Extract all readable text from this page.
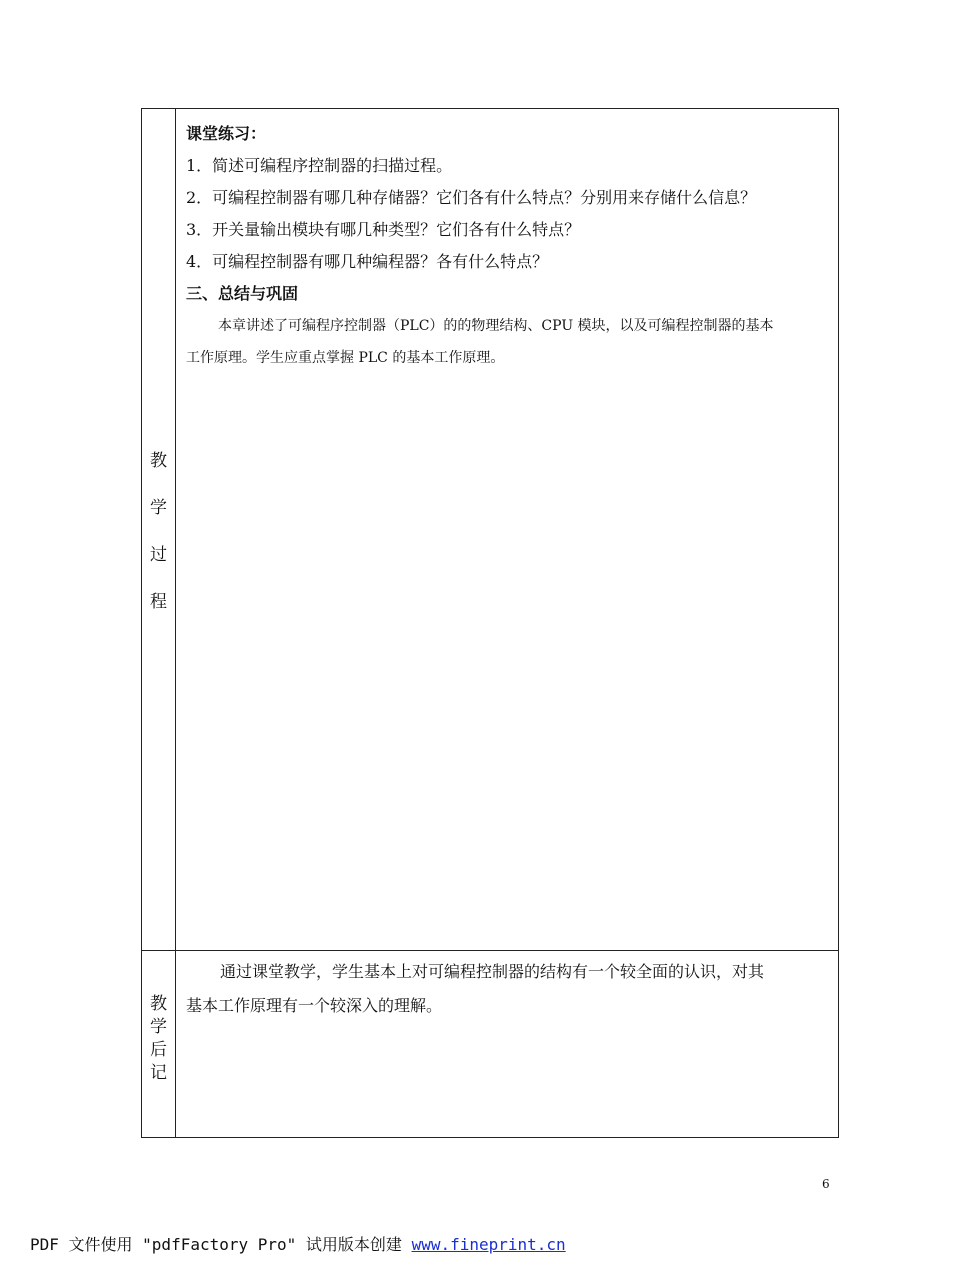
教
学
过
程
课堂练习：
1．简述可编程序控制器的扫描过程。
2．可编程控制器有哪几种存储器？它们各有什么特点？分别用来存储什么信息？
3．开关量输出模块有哪几种类型？它们各有什么特点？
4．可编程控制器有哪几种编程器？各有什么特点？
三、总结与巩固
本章讲述了可编程序控制器（PLC）的的物理结构、CPU 模块，以及可编程控制器的基本
工作原理。学生应重点掌握 PLC 的基本工作原理。
教
学
后
记
通过课堂教学，学生基本上对可编程控制器的结构有一个较全面的认识，对其
基本工作原理有一个较深入的理解。
6
PDF 文件使用 "pdfFactory Pro" 试用版本创建 www.fineprint.cn
